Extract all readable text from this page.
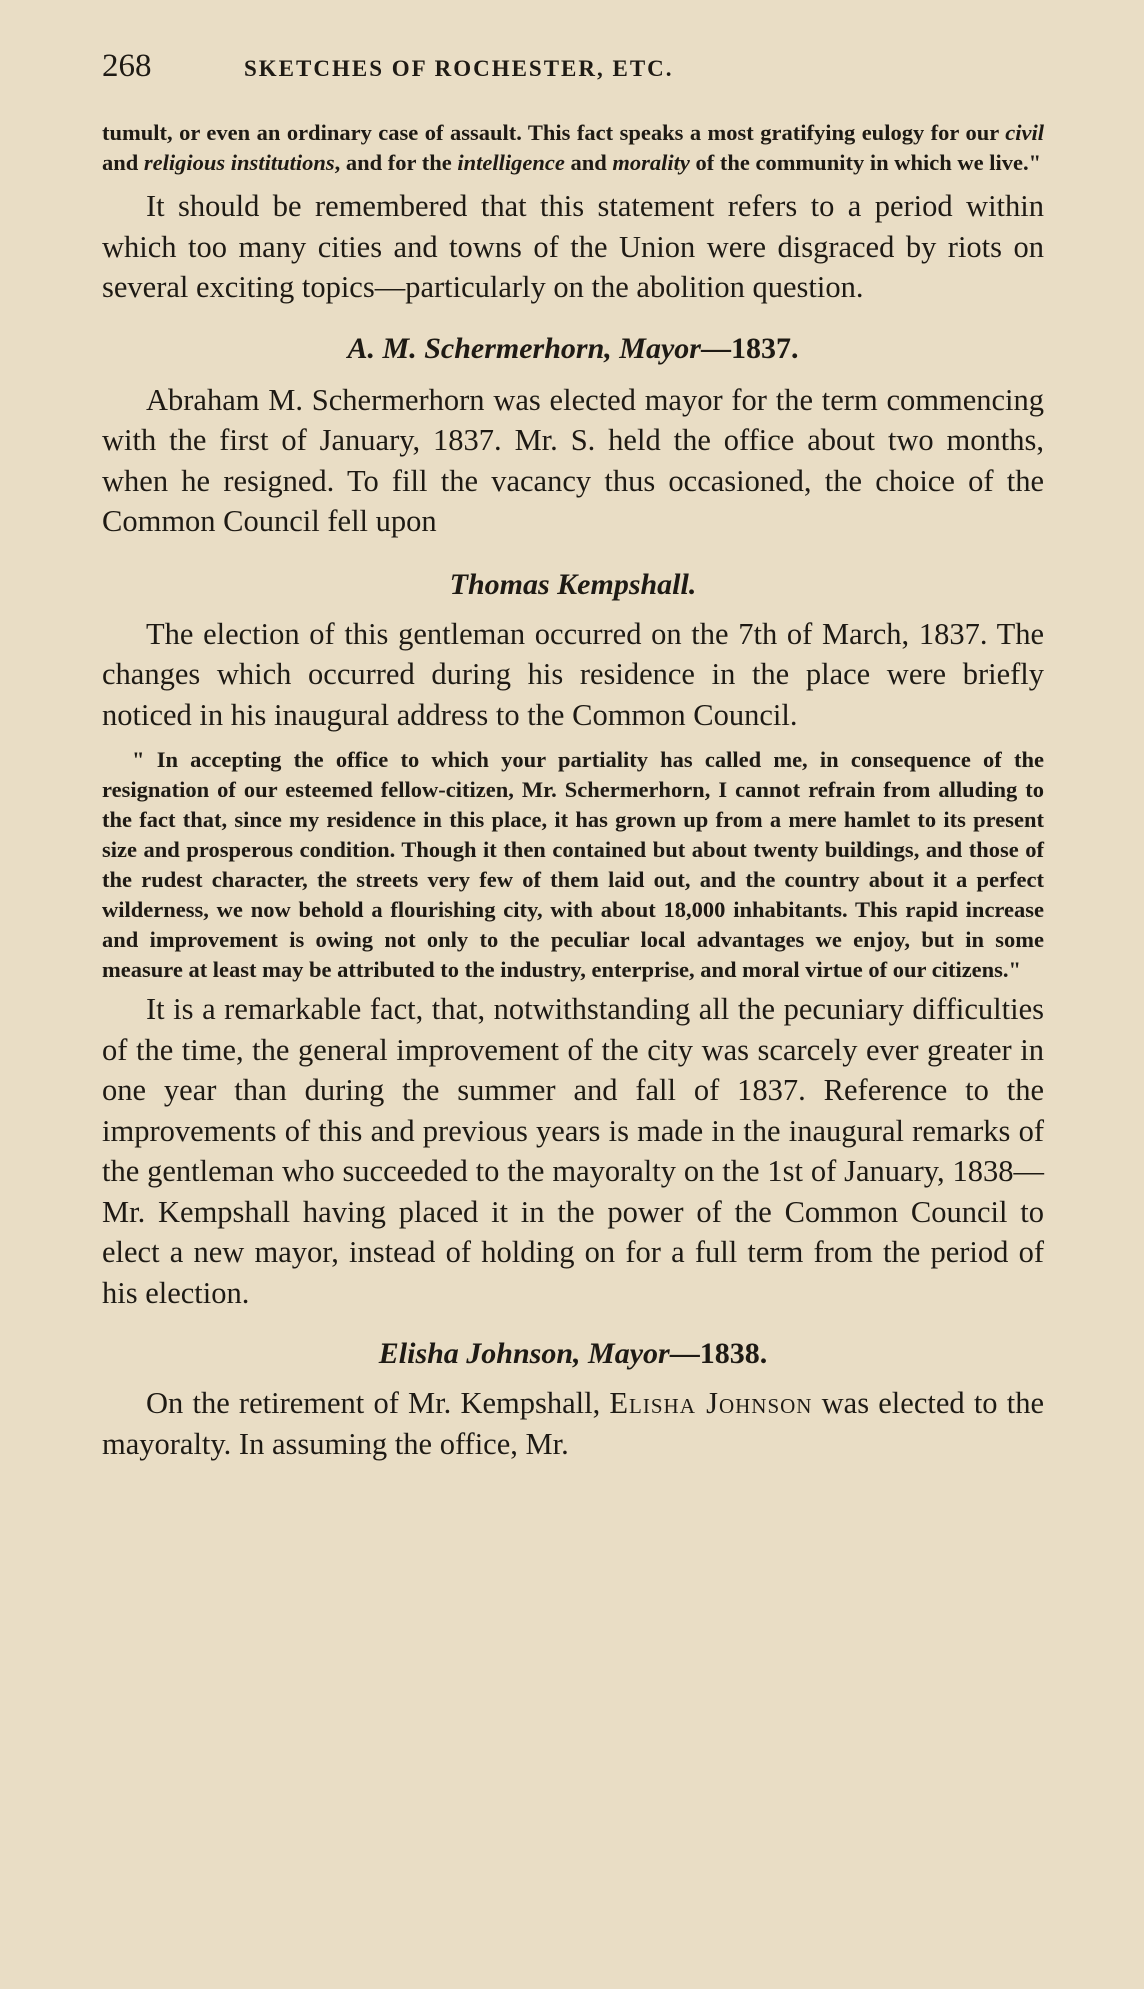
268	SKETCHES OF ROCHESTER, ETC.

tumult, or even an ordinary case of assault. This fact speaks a most gratifying eulogy for our civil and religious institutions, and for the intelligence and morality of the community in which we live."

It should be remembered that this statement refers to a period within which too many cities and towns of the Union were disgraced by riots on several exciting topics—particularly on the abolition question.

A. M. Schermerhorn, Mayor—1837.

Abraham M. Schermerhorn was elected mayor for the term commencing with the first of January, 1837. Mr. S. held the office about two months, when he resigned. To fill the vacancy thus occasioned, the choice of the Common Council fell upon

Thomas Kempshall.

The election of this gentleman occurred on the 7th of March, 1837. The changes which occurred during his residence in the place were briefly noticed in his inaugural address to the Common Council.

" In accepting the office to which your partiality has called me, in consequence of the resignation of our esteemed fellow-citizen, Mr. Schermerhorn, I cannot refrain from alluding to the fact that, since my residence in this place, it has grown up from a mere hamlet to its present size and prosperous condition. Though it then contained but about twenty buildings, and those of the rudest character, the streets very few of them laid out, and the country about it a perfect wilderness, we now behold a flourishing city, with about 18,000 inhabitants. This rapid increase and improvement is owing not only to the peculiar local advantages we enjoy, but in some measure at least may be attributed to the industry, enterprise, and moral virtue of our citizens."

It is a remarkable fact, that, notwithstanding all the pecuniary difficulties of the time, the general improvement of the city was scarcely ever greater in one year than during the summer and fall of 1837. Reference to the improvements of this and previous years is made in the inaugural remarks of the gentleman who succeeded to the mayoralty on the 1st of January, 1838—Mr. Kempshall having placed it in the power of the Common Council to elect a new mayor, instead of holding on for a full term from the period of his election.

Elisha Johnson, Mayor—1838.

On the retirement of Mr. Kempshall, Elisha Johnson was elected to the mayoralty. In assuming the office, Mr.
